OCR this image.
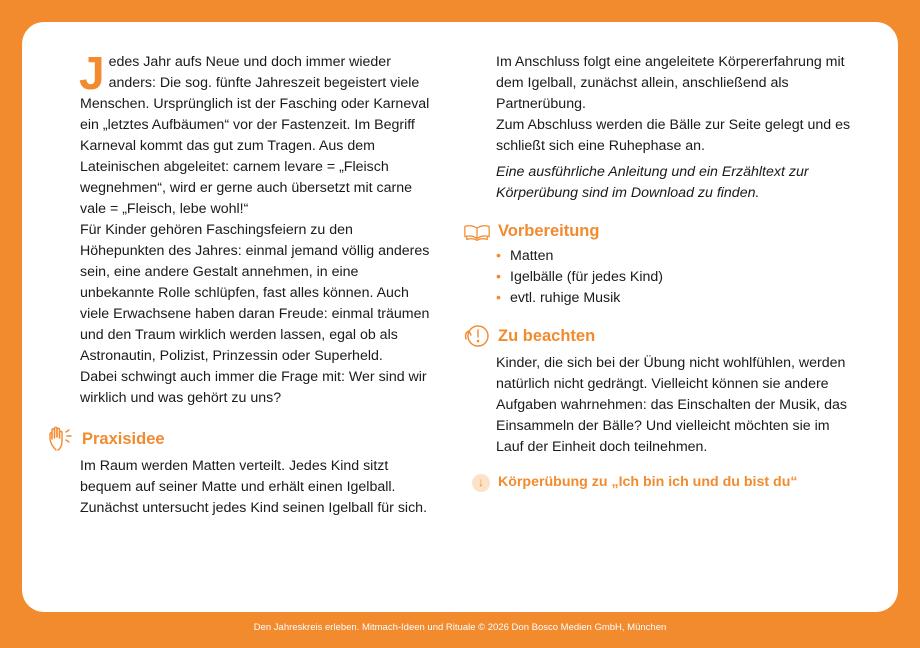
Jedes Jahr aufs Neue und doch immer wieder anders: Die sog. fünfte Jahreszeit begeistert viele Menschen. Ursprünglich ist der Fasching oder Karneval ein „letztes Aufbäumen“ vor der Fastenzeit. Im Begriff Karneval kommt das gut zum Tragen. Aus dem Lateinischen abgeleitet: carnem levare = „Fleisch wegnehmen“, wird er gerne auch übersetzt mit carne vale = „Fleisch, lebe wohl!“

Für Kinder gehören Faschingsfeiern zu den Höhepunkten des Jahres: einmal jemand völlig anderes sein, eine andere Gestalt annehmen, in eine unbekannte Rolle schlüpfen, fast alles können. Auch viele Erwachsene haben daran Freude: einmal träumen und den Traum wirklich werden lassen, egal ob als Astronautin, Polizist, Prinzessin oder Superheld.

Dabei schwingt auch immer die Frage mit: Wer sind wir wirklich und was gehört zu uns?

Praxisidee

Im Raum werden Matten verteilt. Jedes Kind sitzt bequem auf seiner Matte und erhält einen Igelball. Zunächst untersucht jedes Kind seinen Igelball für sich.

Im Anschluss folgt eine angeleitete Körpererfahrung mit dem Igelball, zunächst allein, anschließend als Partnerübung.

Zum Abschluss werden die Bälle zur Seite gelegt und es schließt sich eine Ruhephase an.

Eine ausführliche Anleitung und ein Erzähltext zur Körperübung sind im Download zu finden.

Vorbereitung
• Matten
• Igelbälle (für jedes Kind)
• evtl. ruhige Musik
Zu beachten

Kinder, die sich bei der Übung nicht wohlfühlen, werden natürlich nicht gedrängt. Vielleicht können sie andere Aufgaben wahrnehmen: das Einschalten der Musik, das Einsammeln der Bälle? Und vielleicht möchten sie im Lauf der Einheit doch teilnehmen.

↓ Körperübung zu „Ich bin ich und du bist du“
Den Jahreskreis erleben. Mitmach-Ideen und Rituale © 2026 Don Bosco Medien GmbH, München
